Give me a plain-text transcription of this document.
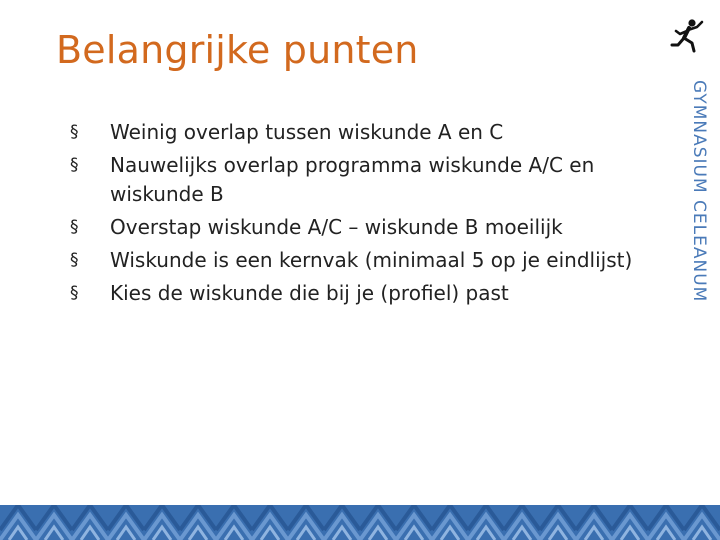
Belangrijke punten
§ Weinig overlap tussen wiskunde A en C
§ Nauwelijks overlap programma wiskunde A/C en wiskunde B
§ Overstap wiskunde A/C – wiskunde B moeilijk
§ Wiskunde is een kernvak (minimaal 5 op je eindlijst)
§ Kies de wiskunde die bij je (profiel) past	GYMNASIUM CELEANUM
